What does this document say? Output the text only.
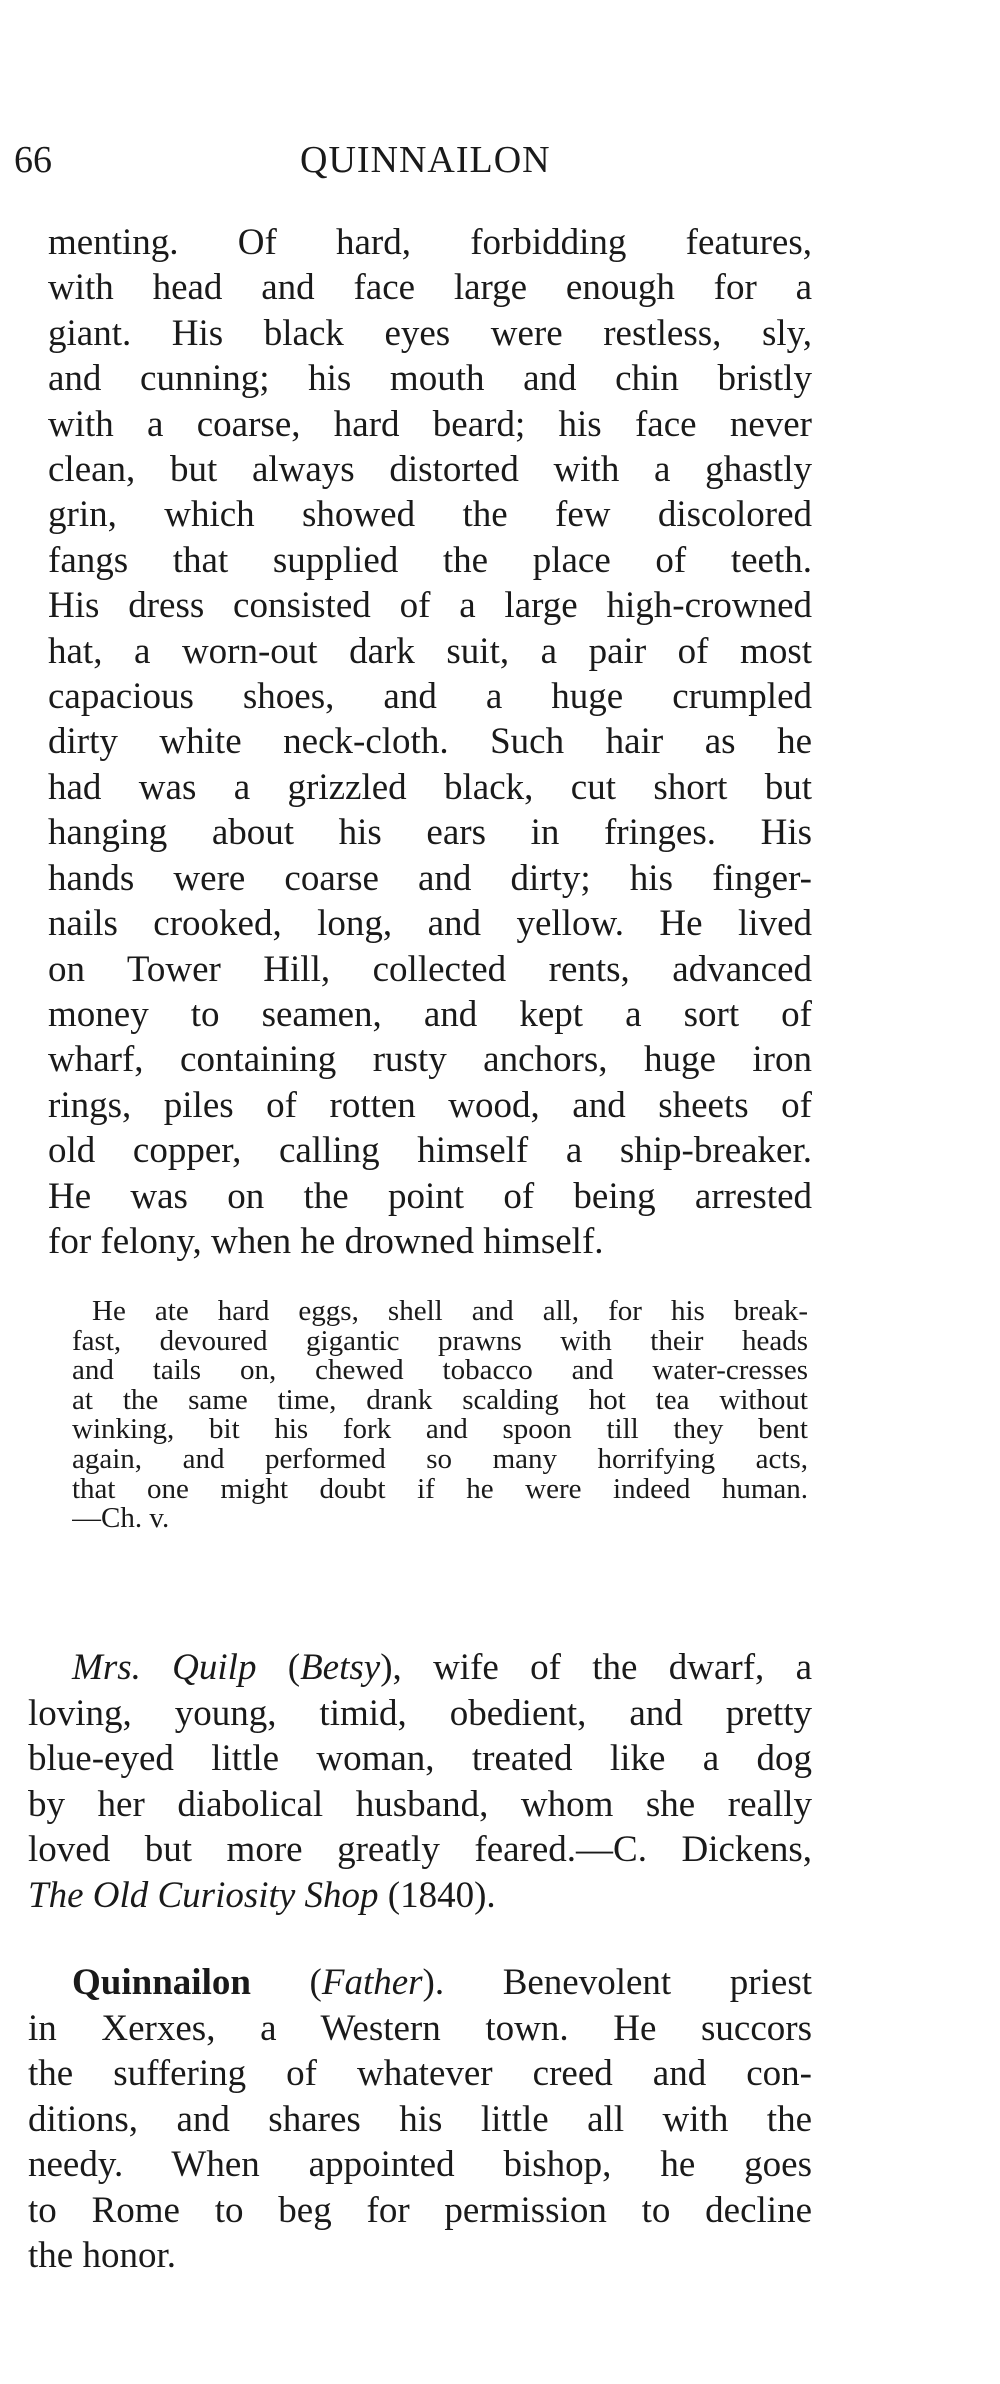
66	QUINNAILON
menting. Of hard, forbidding features,
with head and face large enough for a
giant. His black eyes were restless, sly,
and cunning; his mouth and chin bristly
with a coarse, hard beard; his face never
clean, but always distorted with a ghastly
grin, which showed the few discolored
fangs that supplied the place of teeth.
His dress consisted of a large high-crowned
hat, a worn-out dark suit, a pair of most
capacious shoes, and a huge crumpled
dirty white neck-cloth. Such hair as he
had was a grizzled black, cut short but
hanging about his ears in fringes. His
hands were coarse and dirty; his finger-
nails crooked, long, and yellow. He lived
on Tower Hill, collected rents, advanced
money to seamen, and kept a sort of
wharf, containing rusty anchors, huge iron
rings, piles of rotten wood, and sheets of
old copper, calling himself a ship-breaker.
He was on the point of being arrested
for felony, when he drowned himself.
He ate hard eggs, shell and all, for his break-
fast, devoured gigantic prawns with their heads
and tails on, chewed tobacco and water-cresses
at the same time, drank scalding hot tea without
winking, bit his fork and spoon till they bent
again, and performed so many horrifying acts,
that one might doubt if he were indeed human.
—Ch. v.
Mrs. Quilp (Betsy), wife of the dwarf, a
loving, young, timid, obedient, and pretty
blue-eyed little woman, treated like a dog
by her diabolical husband, whom she really
loved but more greatly feared.—C. Dickens,
The Old Curiosity Shop (1840).
Quinnailon (Father). Benevolent priest
in Xerxes, a Western town. He succors
the suffering of whatever creed and con-
ditions, and shares his little all with the
needy. When appointed bishop, he goes
to Rome to beg for permission to decline
the honor.
